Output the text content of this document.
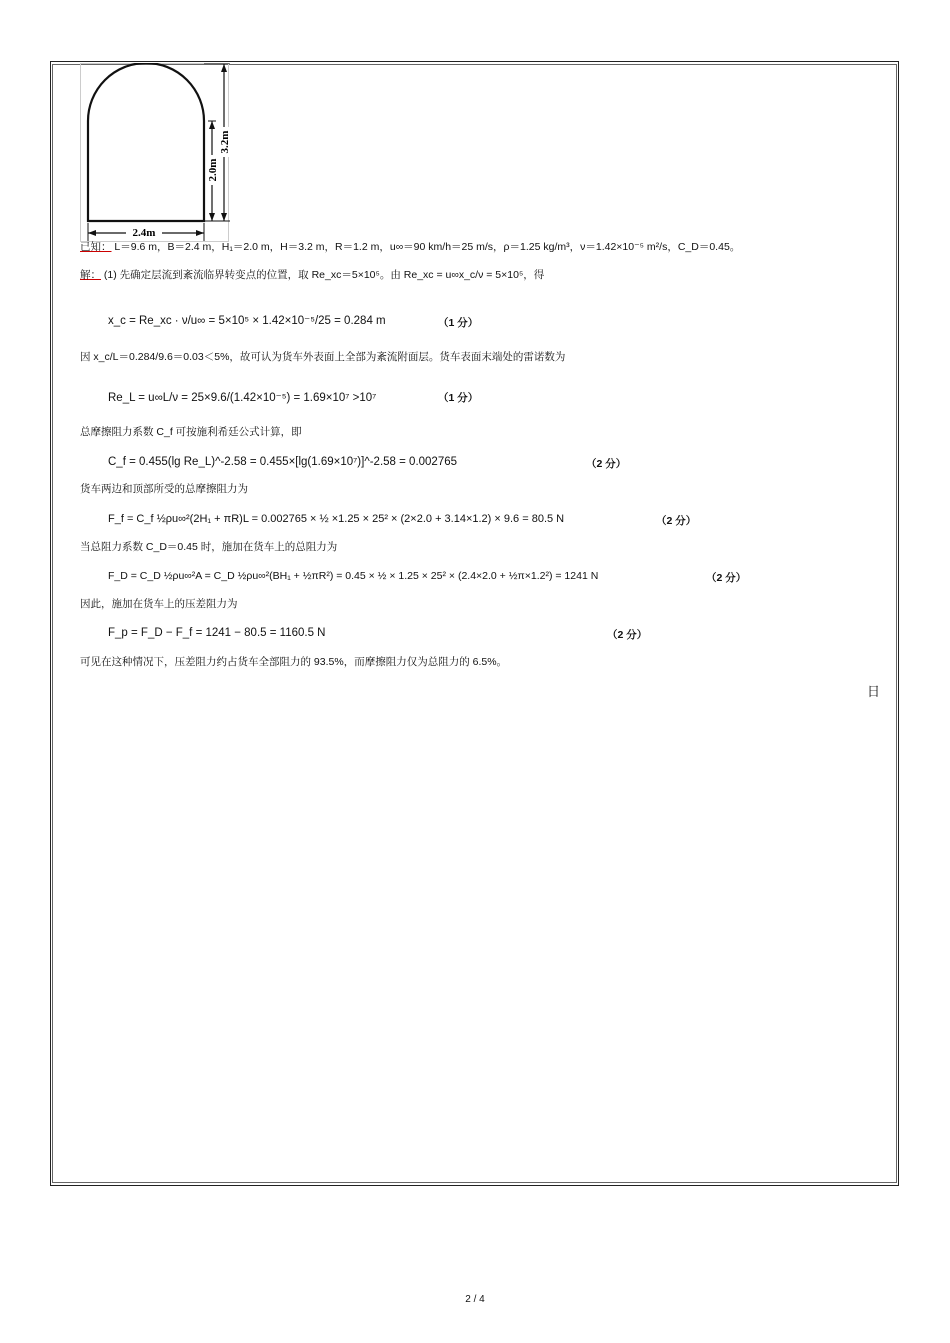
2.4m
2.0m
3.2m
已知： L＝9.6 m，B＝2.4 m，H₁＝2.0 m，H＝3.2 m，R＝1.2 m，u∞＝90 km/h＝25 m/s，ρ＝1.25 kg/m³，ν＝1.42×10⁻⁵ m²/s，C_D＝0.45。
解： (1) 先确定层流到紊流临界转变点的位置，取 Re_xc＝5×10⁵。由 Re_xc = u∞x_c/ν = 5×10⁵，得
x_c = Re_xc · ν/u∞ = 5×10⁵ × 1.42×10⁻⁵/25 = 0.284 m	（1 分）
因 x_c/L＝0.284/9.6＝0.03＜5%，故可认为货车外表面上全部为紊流附面层。货车表面末端处的雷诺数为
Re_L = u∞L/ν = 25×9.6/(1.42×10⁻⁵) = 1.69×10⁷ >10⁷	（1 分）
总摩擦阻力系数 C_f 可按施利希廷公式计算，即
C_f = 0.455(lg Re_L)^-2.58 = 0.455×[lg(1.69×10⁷)]^-2.58 = 0.002765	（2 分）
货车两边和顶部所受的总摩擦阻力为
F_f = C_f ½ρu∞²(2H₁ + πR)L = 0.002765 × ½ ×1.25 × 25² × (2×2.0 + 3.14×1.2) × 9.6 = 80.5 N	（2 分）
当总阻力系数 C_D＝0.45 时，施加在货车上的总阻力为
F_D = C_D ½ρu∞²A = C_D ½ρu∞²(BH₁ + ½πR²) = 0.45 × ½ × 1.25 × 25² × (2.4×2.0 + ½π×1.2²) = 1241 N	（2 分）
因此，施加在货车上的压差阻力为
F_p = F_D − F_f = 1241 − 80.5 = 1160.5 N	（2 分）
可见在这种情况下，压差阻力约占货车全部阻力的 93.5%，而摩擦阻力仅为总阻力的 6.5%。
日
2 / 4
